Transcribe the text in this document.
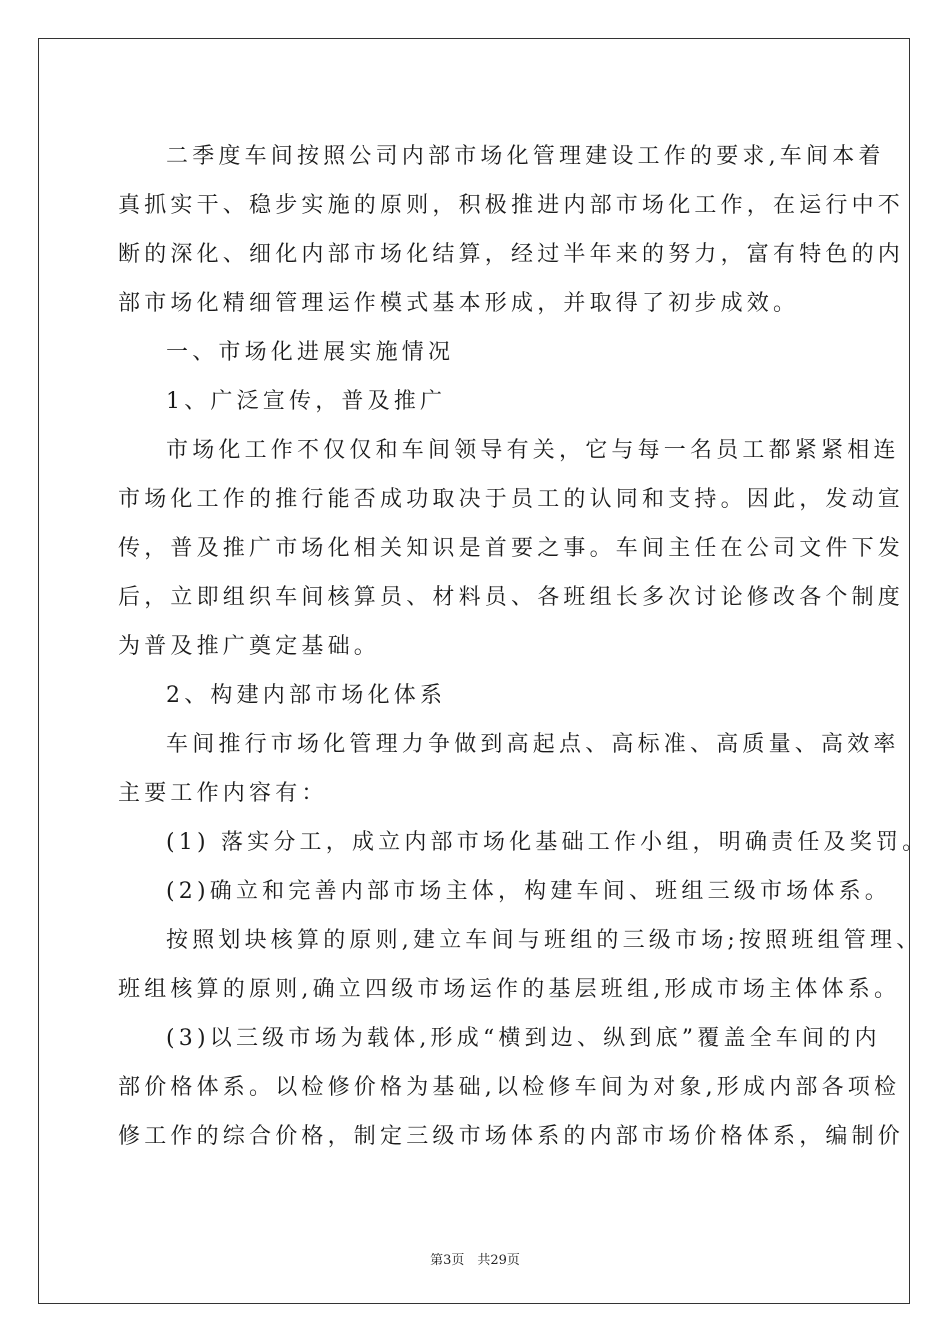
二季度车间按照公司内部市场化管理建设工作的要求,车间本着

真抓实干、稳步实施的原则，积极推进内部市场化工作，在运行中不

断的深化、细化内部市场化结算，经过半年来的努力，富有特色的内

部市场化精细管理运作模式基本形成，并取得了初步成效。

一、市场化进展实施情况

1、广泛宣传，普及推广

市场化工作不仅仅和车间领导有关，它与每一名员工都紧紧相连

市场化工作的推行能否成功取决于员工的认同和支持。因此，发动宣

传，普及推广市场化相关知识是首要之事。车间主任在公司文件下发

后，立即组织车间核算员、材料员、各班组长多次讨论修改各个制度

为普及推广奠定基础。

2、构建内部市场化体系

车间推行市场化管理力争做到高起点、高标准、高质量、高效率

主要工作内容有：

(1) 落实分工，成立内部市场化基础工作小组，明确责任及奖罚。

(2)确立和完善内部市场主体，构建车间、班组三级市场体系。

按照划块核算的原则,建立车间与班组的三级市场;按照班组管理、

班组核算的原则,确立四级市场运作的基层班组,形成市场主体体系。

(3)以三级市场为载体,形成“横到边、纵到底”覆盖全车间的内

部价格体系。以检修价格为基础,以检修车间为对象,形成内部各项检

修工作的综合价格，制定三级市场体系的内部市场价格体系，编制价

第3页　共29页
